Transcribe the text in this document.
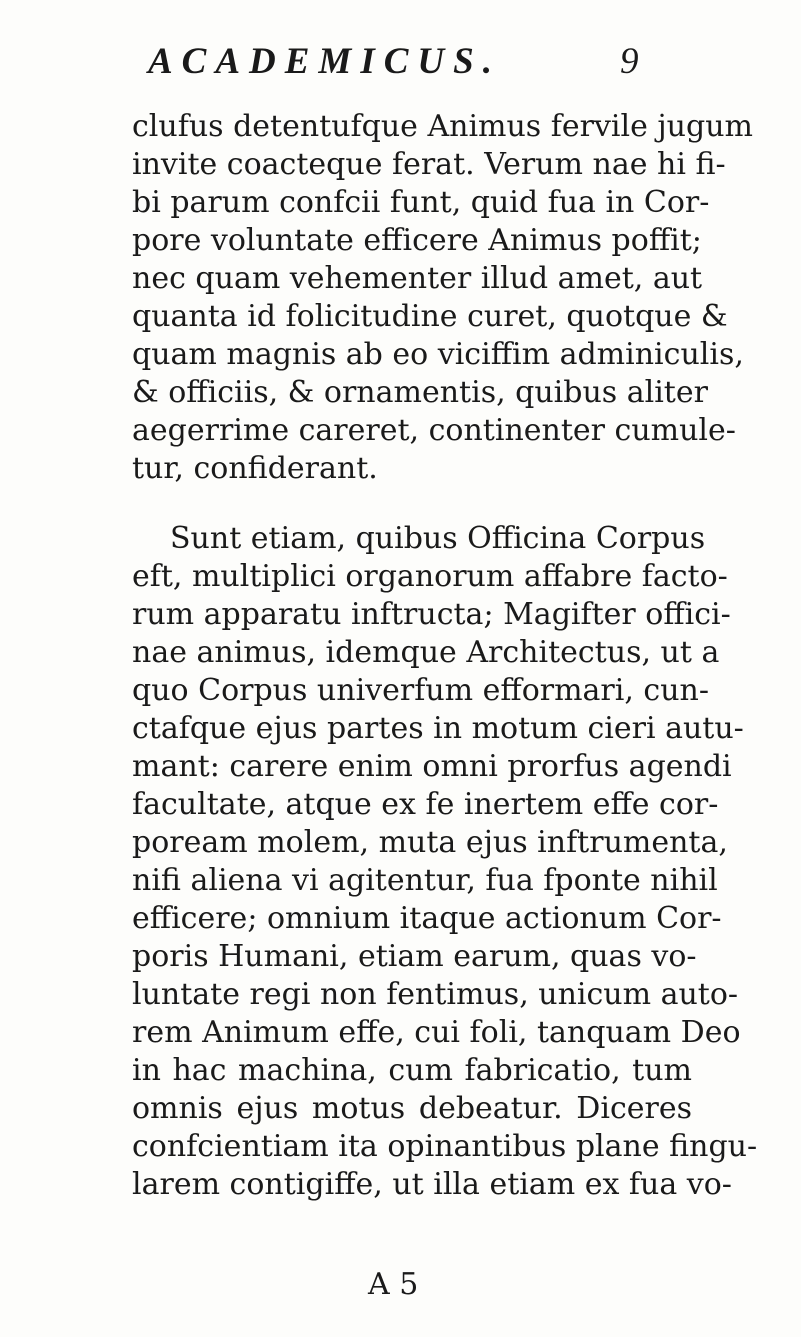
ACADEMICUS.	9
clufus detentufque Animus fervile jugum
invite coacteque ferat. Verum nae hi fi-
bi parum confcii funt, quid fua in Cor-
pore voluntate efficere Animus poffit;
nec quam vehementer illud amet, aut
quanta id folicitudine curet, quotque &
quam magnis ab eo viciffim adminiculis,
& officiis, & ornamentis, quibus aliter
aegerrime careret, continenter cumule-
tur, confiderant.
Sunt etiam, quibus Officina Corpus
eft, multiplici organorum affabre facto-
rum apparatu inftructa; Magifter offici-
nae animus, idemque Architectus, ut a
quo Corpus univerfum efformari, cun-
ctafque ejus partes in motum cieri autu-
mant: carere enim omni prorfus agendi
facultate, atque ex fe inertem effe cor-
poream molem, muta ejus inftrumenta,
nifi aliena vi agitentur, fua fponte nihil
efficere; omnium itaque actionum Cor-
poris Humani, etiam earum, quas vo-
luntate regi non fentimus, unicum auto-
rem Animum effe, cui foli, tanquam Deo
in hac machina, cum fabricatio, tum
omnis ejus motus debeatur. Diceres
confcientiam ita opinantibus plane fingu-
larem contigiffe, ut illa etiam ex fua vo-
A 5
